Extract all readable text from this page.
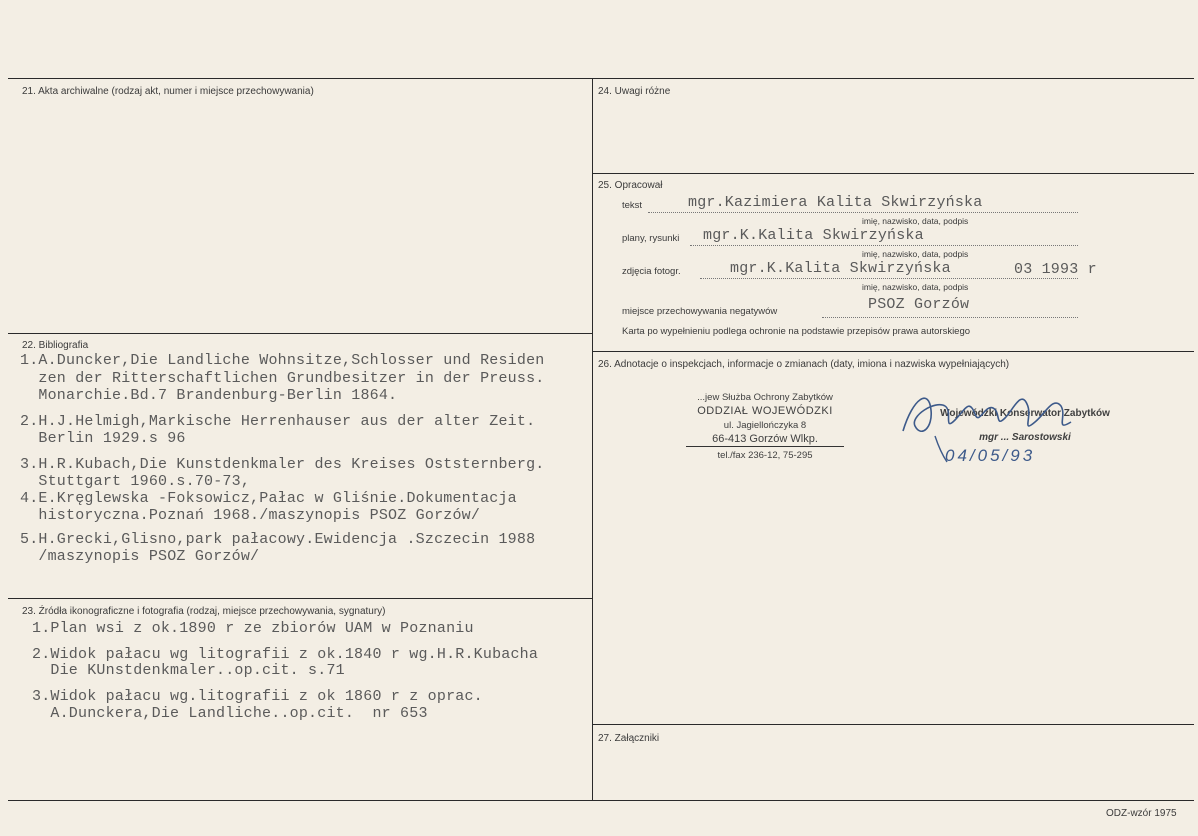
21. Akta archiwalne (rodzaj akt, numer i miejsce przechowywania)
22. Bibliografia
1.A.Duncker,Die Landliche Wohnsitze,Schlosser und Residen
zen der Ritterschaftlichen Grundbesitzer in der Preuss.
Monarchie.Bd.7 Brandenburg-Berlin 1864.
2.H.J.Helmigh,Markische Herrenhauser aus der alter Zeit.
Berlin 1929.s 96
3.H.R.Kubach,Die Kunstdenkmaler des Kreises Oststernberg.
Stuttgart 1960.s.70-73,
4.E.Kręglewska -Foksowicz,Pałac w Gliśnie.Dokumentacja
historyczna.Poznań 1968./maszynopis PSOZ Gorzów/
5.H.Grecki,Glisno,park pałacowy.Ewidencja .Szczecin 1988
/maszynopis PSOZ Gorzów/
23. Źródła ikonograficzne i fotografia (rodzaj, miejsce przechowywania, sygnatury)
1.Plan wsi z ok.1890 r ze zbiorów UAM w Poznaniu
2.Widok pałacu wg litografii z ok.1840 r wg.H.R.Kubacha
Die KUnstdenkmaler..op.cit. s.71
3.Widok pałacu wg.litografii z ok 1860 r z oprac.
A.Dunckera,Die Landliche..op.cit.  nr 653
24. Uwagi różne
25. Opracował
tekst	mgr.Kazimiera Kalita Skwirzyńska
imię, nazwisko, data, podpis
plany, rysunki mgr.K.Kalita Skwirzyńska
imię, nazwisko, data, podpis
zdjęcia fotogr.	mgr.K.Kalita Skwirzyńska	03 1993 r
imię, nazwisko, data, podpis
miejsce przechowywania negatywów	PSOZ Gorzów
Karta po wypełnieniu podlega ochronie na podstawie przepisów prawa autorskiego
26. Adnotacje o inspekcjach, informacje o zmianach (daty, imiona i nazwiska wypełniających)
...jew Służba Ochrony Zabytków
ODDZIAŁ WOJEWÓDZKI
ul. Jagiellończyka 8
66-413 Gorzów Wlkp.
tel./fax 236-12, 75-295
Wojewódzki Konserwator Zabytków
mgr ... Sarostowski
04/05/93
27. Załączniki
ODZ-wzór 1975
